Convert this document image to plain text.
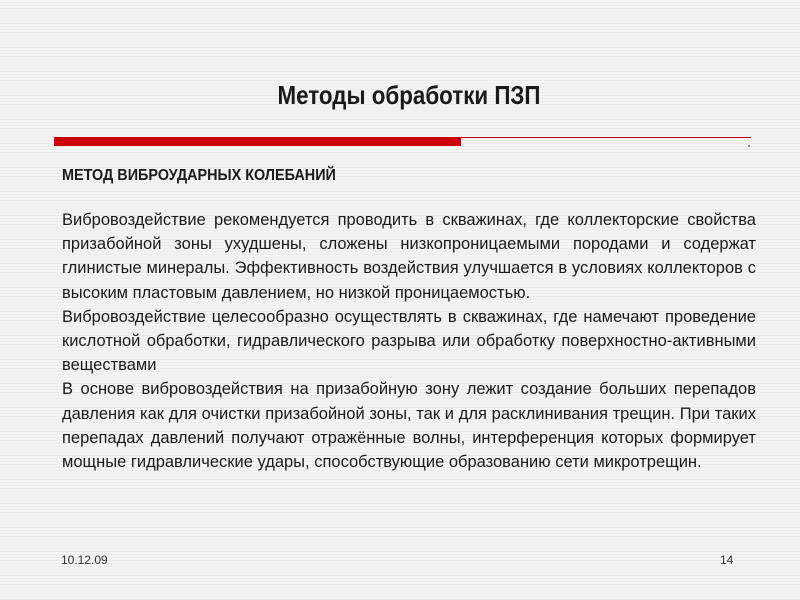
Методы обработки ПЗП
МЕТОД ВИБРОУДАРНЫХ КОЛЕБАНИЙ
Вибровоздействие рекомендуется проводить в скважинах, где коллекторские свойства призабойной зоны ухудшены, сложены низкопроницаемыми породами и содержат глинистые минералы. Эффективность воздействия улучшается в условиях коллекторов с высоким пластовым давлением, но низкой проницаемостью.
Вибровоздействие целесообразно осуществлять в скважинах, где намечают проведение кислотной обработки, гидравлического разрыва или обработку поверхностно-активными веществами
В основе вибровоздействия на призабойную зону лежит создание больших перепадов давления как для очистки призабойной зоны, так и для расклинивания трещин. При таких перепадах давлений получают отражённые волны, интерференция которых формирует мощные гидравлические удары, способствующие образованию сети микротрещин.
10.12.09	14
